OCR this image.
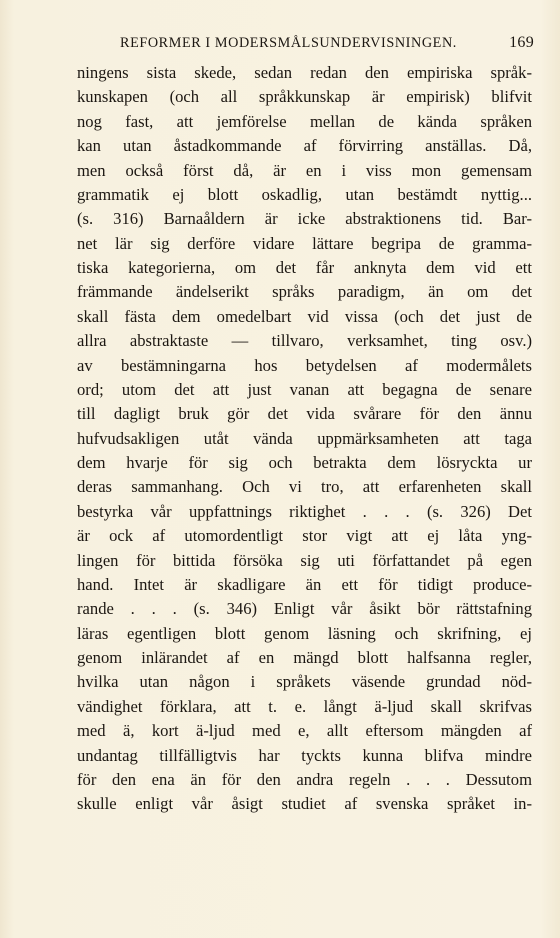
REFORMER I MODERSMÅLSUNDERVISNINGEN.	169
ningens sista skede, sedan redan den empiriska språk-
kunskapen (och all språkkunskap är empirisk) blifvit
nog fast, att jemförelse mellan de kända språken
kan utan åstadkommande af förvirring anställas. Då,
men också först då, är en i viss mon gemensam
grammatik ej blott oskadlig, utan bestämdt nyttig...
(s. 316) Barnaåldern är icke abstraktionens tid. Bar-
net lär sig derföre vidare lättare begripa de gramma-
tiska kategorierna, om det får anknyta dem vid ett
främmande ändelserikt språks paradigm, än om det
skall fästa dem omedelbart vid vissa (och det just de
allra abstraktaste — tillvaro, verksamhet, ting osv.)
av bestämningarna hos betydelsen af modermålets
ord; utom det att just vanan att begagna de senare
till dagligt bruk gör det vida svårare för den ännu
hufvudsakligen utåt vända uppmärksamheten att taga
dem hvarje för sig och betrakta dem lösryckta ur
deras sammanhang. Och vi tro, att erfarenheten skall
bestyrka vår uppfattnings riktighet . . . (s. 326) Det
är ock af utomordentligt stor vigt att ej låta yng-
lingen för bittida försöka sig uti författandet på egen
hand. Intet är skadligare än ett för tidigt produce-
rande . . . (s. 346) Enligt vår åsikt bör rättstafning
läras egentligen blott genom läsning och skrifning, ej
genom inlärandet af en mängd blott halfsanna regler,
hvilka utan någon i språkets väsende grundad nöd-
vändighet förklara, att t. e. långt ä-ljud skall skrifvas
med ä, kort ä-ljud med e, allt eftersom mängden af
undantag tillfälligtvis har tyckts kunna blifva mindre
för den ena än för den andra regeln . . . Dessutom
skulle enligt vår åsigt studiet af svenska språket in-
